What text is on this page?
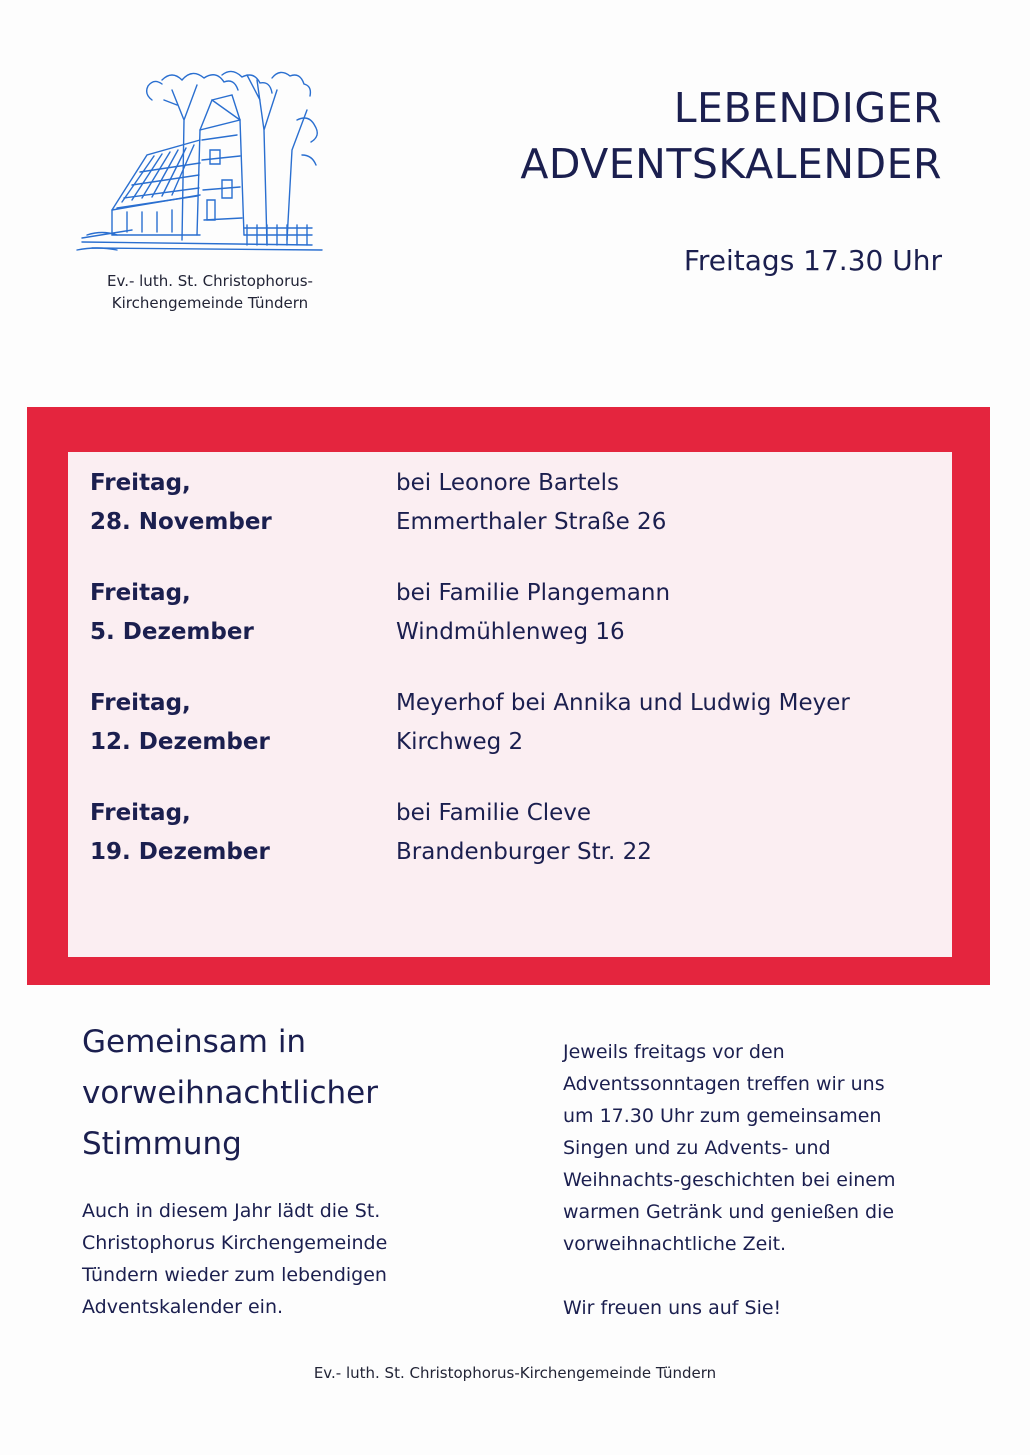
Ev.- luth. St. Christophorus-
Kirchengemeinde Tündern
LEBENDIGER
ADVENTSKALENDER
Freitags 17.30 Uhr
Freitag,
28. November
bei Leonore Bartels
Emmerthaler Straße 26
Freitag,
5. Dezember
bei Familie Plangemann
Windmühlenweg 16
Freitag,
12. Dezember
Meyerhof bei Annika und Ludwig Meyer
Kirchweg 2
Freitag,
19. Dezember
bei Familie Cleve
Brandenburger Str. 22
Gemeinsam in
vorweihnachtlicher
Stimmung
Auch in diesem Jahr lädt die St.
Christophorus Kirchengemeinde
Tündern wieder zum lebendigen
Adventskalender ein.
Jeweils freitags vor den
Adventssonntagen treffen wir uns
um 17.30 Uhr zum gemeinsamen
Singen und zu Advents- und
Weihnachts-geschichten bei einem
warmen Getränk und genießen die
vorweihnachtliche Zeit.
Wir freuen uns auf Sie!
Ev.- luth. St. Christophorus-Kirchengemeinde Tündern
